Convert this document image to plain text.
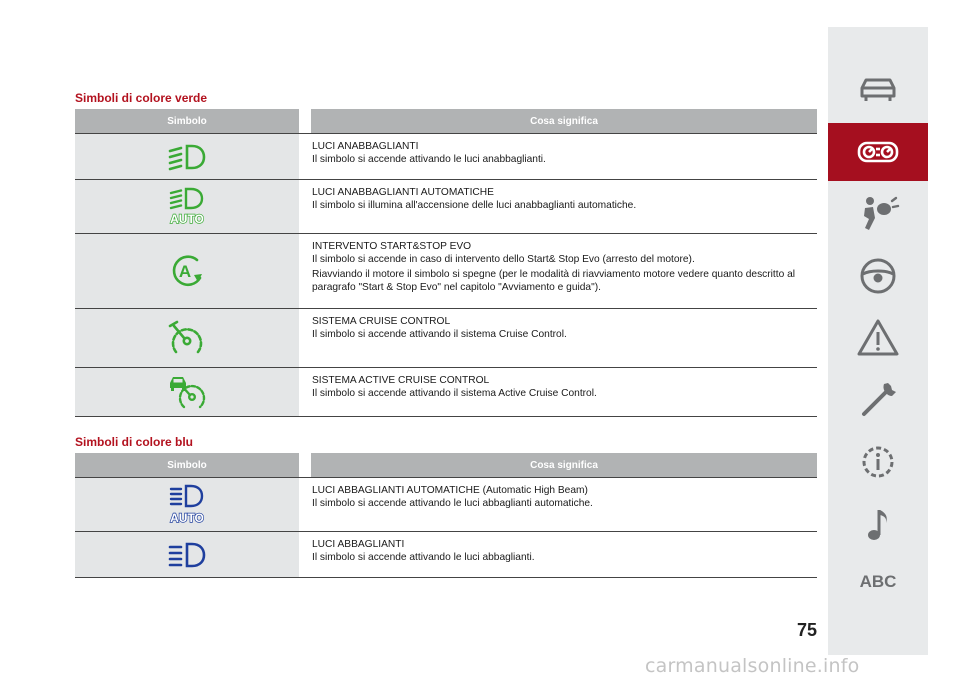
Simboli di colore verde
Simbolo	Cosa significa
LUCI ANABBAGLIANTI
Il simbolo si accende attivando le luci anabbaglianti.
AUTO
LUCI ANABBAGLIANTI AUTOMATICHE
Il simbolo si illumina all'accensione delle luci anabbaglianti automatiche.
A
INTERVENTO START&STOP EVO
Il simbolo si accende in caso di intervento dello Start& Stop Evo (arresto del motore).
Riavviando il motore il simbolo si spegne (per le modalità di riavviamento motore vedere quanto descritto al paragrafo "Start & Stop Evo" nel capitolo "Avviamento e guida").
SISTEMA CRUISE CONTROL
Il simbolo si accende attivando il sistema Cruise Control.
SISTEMA ACTIVE CRUISE CONTROL
Il simbolo si accende attivando il sistema Active Cruise Control.
Simboli di colore blu
Simbolo	Cosa significa
AUTO
LUCI ABBAGLIANTI AUTOMATICHE (Automatic High Beam)
Il simbolo si accende attivando le luci abbaglianti automatiche.
LUCI ABBAGLIANTI
Il simbolo si accende attivando le luci abbaglianti.
ABC
75
carmanualsonline.info
